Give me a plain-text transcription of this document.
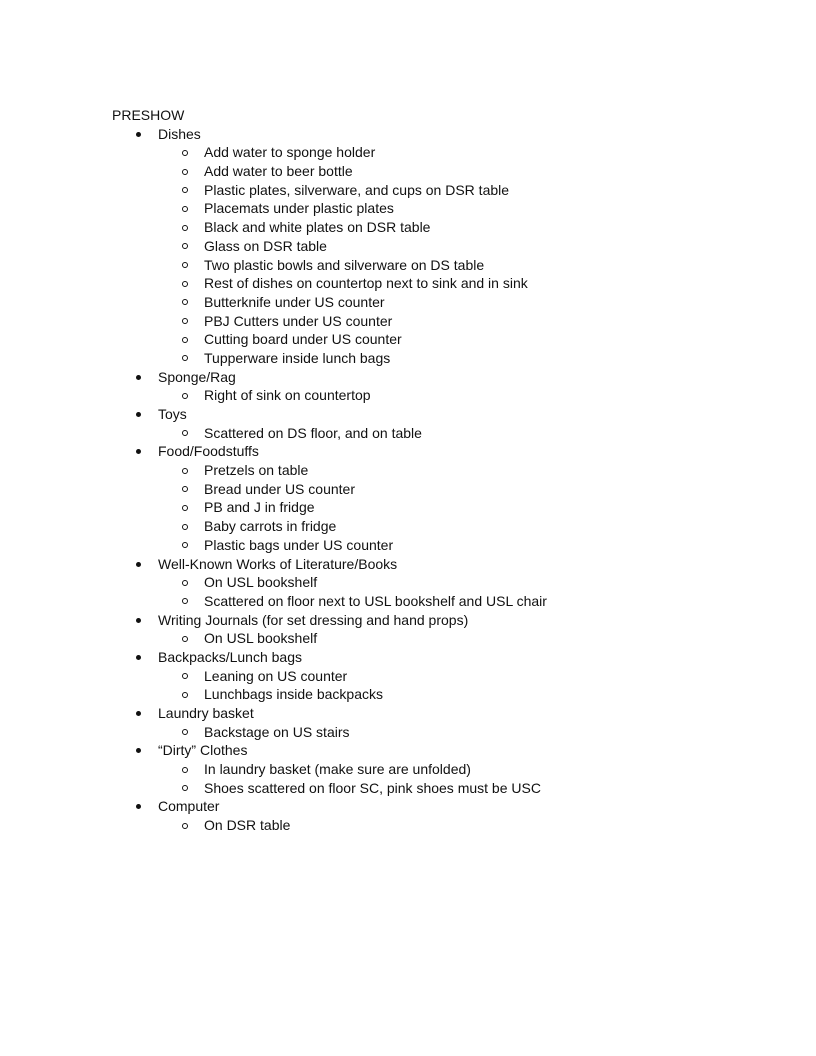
PRESHOW
Dishes
Add water to sponge holder
Add water to beer bottle
Plastic plates, silverware, and cups on DSR table
Placemats under plastic plates
Black and white plates on DSR table
Glass on DSR table
Two plastic bowls and silverware on DS table
Rest of dishes on countertop next to sink and in sink
Butterknife under US counter
PBJ Cutters under US counter
Cutting board under US counter
Tupperware inside lunch bags
Sponge/Rag
Right of sink on countertop
Toys
Scattered on DS floor, and on table
Food/Foodstuffs
Pretzels on table
Bread under US counter
PB and J in fridge
Baby carrots in fridge
Plastic bags under US counter
Well-Known Works of Literature/Books
On USL bookshelf
Scattered on floor next to USL bookshelf and USL chair
Writing Journals (for set dressing and hand props)
On USL bookshelf
Backpacks/Lunch bags
Leaning on US counter
Lunchbags inside backpacks
Laundry basket
Backstage on US stairs
“Dirty” Clothes
In laundry basket (make sure are unfolded)
Shoes scattered on floor SC, pink shoes must be USC
Computer
On DSR table
